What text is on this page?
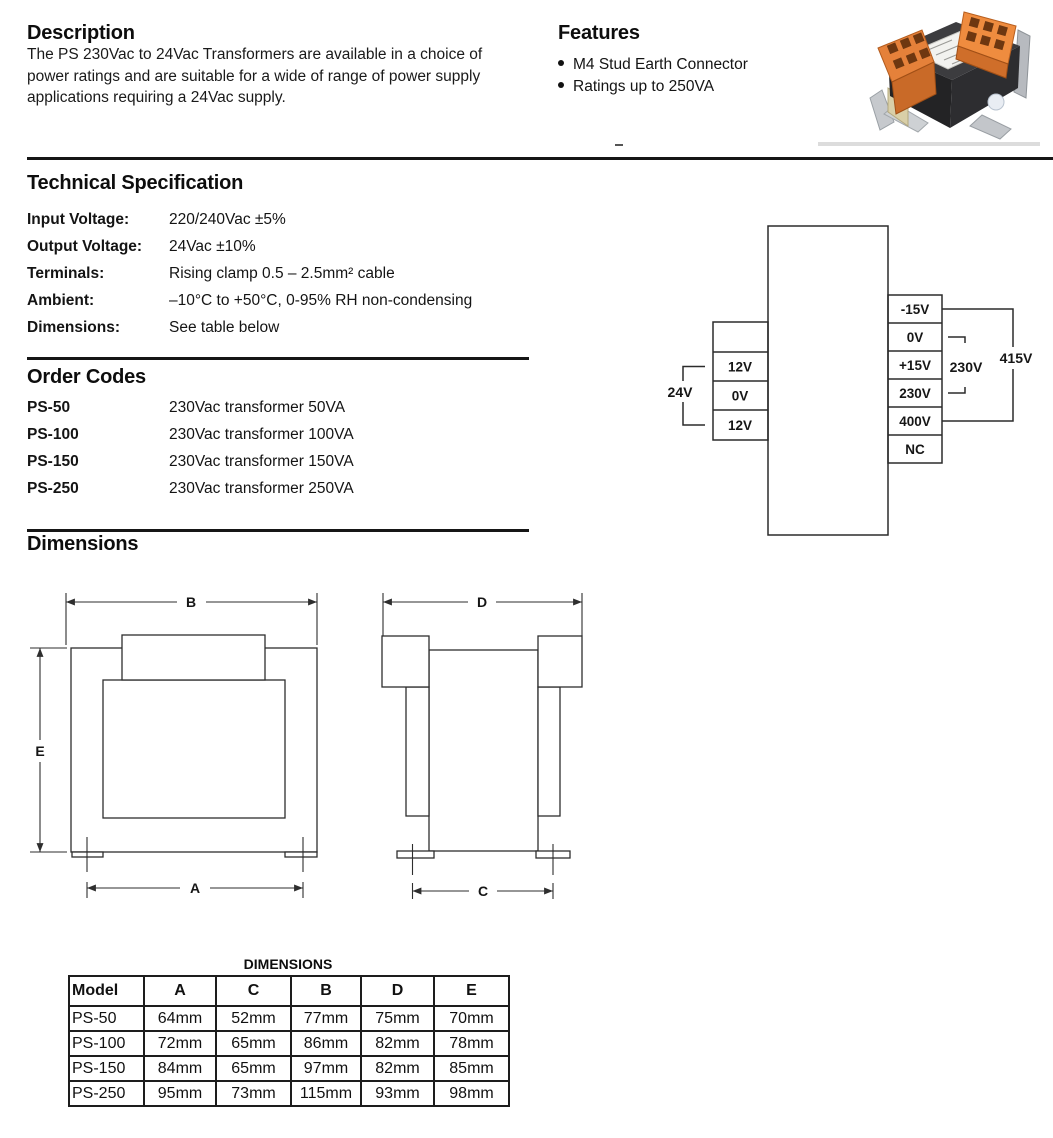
Description

The PS 230Vac to 24Vac Transformers are available in a choice of power ratings and are suitable for a wide of range of power supply applications requiring a 24Vac supply.

Features
M4 Stud Earth Connector
Ratings up to 250VA
Technical Specification
Input Voltage:	220/240Vac ±5%
Output Voltage: 24Vac ±10%
Terminals:	Rising clamp 0.5 – 2.5mm² cable
Ambient:	–10°C to +50°C, 0-95% RH non-condensing
Dimensions:	See table below
12V
0V
12V
-15V
0V
+15V
230V
400V
NC
24V
230V
415V
Order Codes
PS-50	230Vac transformer 50VA
PS-100	230Vac transformer 100VA
PS-150	230Vac transformer 150VA
PS-250	230Vac transformer 250VA
Dimensions
B
E
A
D
C
DIMENSIONS
Model	A	C	B	D	E
PS-50	64mm	52mm	77mm	75mm	70mm
PS-100	72mm	65mm	86mm	82mm	78mm
PS-150	84mm	65mm	97mm	82mm	85mm
PS-250	95mm	73mm	115mm	93mm	98mm
